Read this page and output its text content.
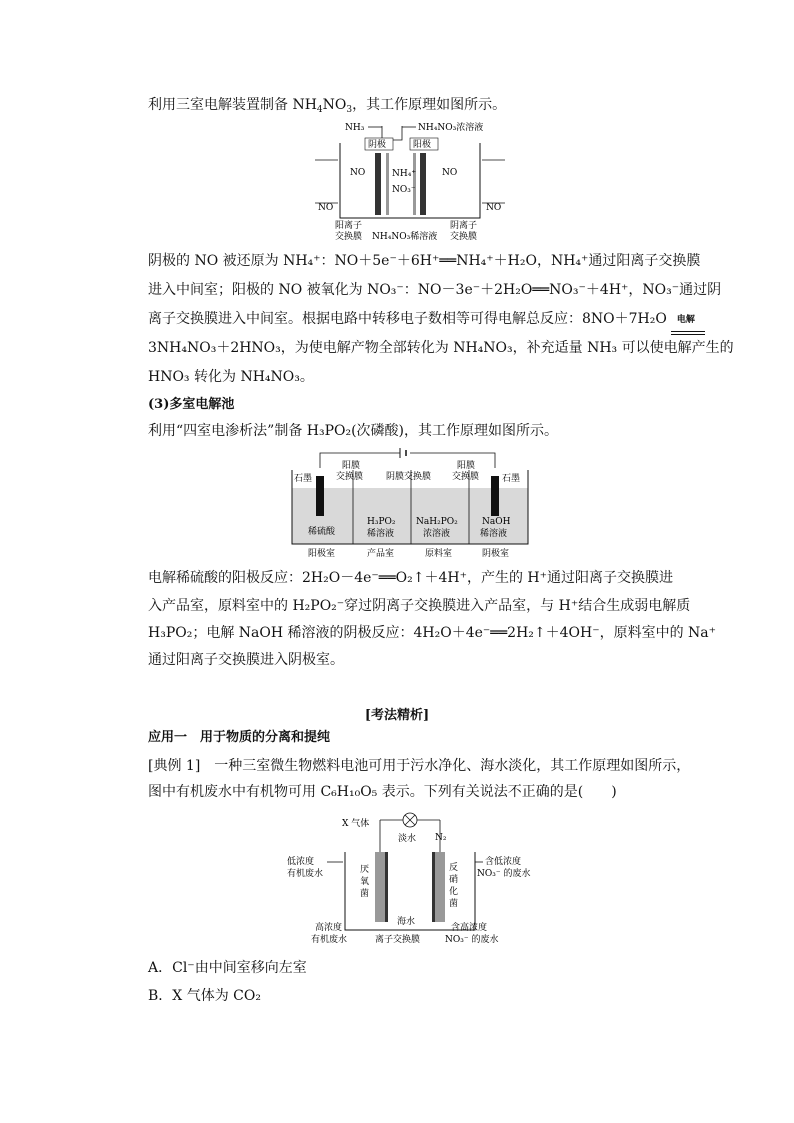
利用三室电解装置制备 $NH_4NO_3$，其工作原理如图所示。
NH₃	NH₄NO₃浓溶液
阴极	阳极
NO	NH₄⁺
NO₃⁻
NO
NO	NO
阳离子
交换膜 NH₄NO₃稀溶液
阴离子
交换膜
阴极的 NO 被还原为 NH₄⁺：NO＋5e⁻＋6H⁺══NH₄⁺＋H₂O，NH₄⁺通过阳离子交换膜
进入中间室；阳极的 NO 被氧化为 NO₃⁻：NO－3e⁻＋2H₂O══NO₃⁻＋4H⁺，NO₃⁻通过阴
离子交换膜进入中间室。根据电路中转移电子数相等可得电解总反应：8NO＋7H₂O 电解
3NH₄NO₃＋2HNO₃，为使电解产物全部转化为 NH₄NO₃，补充适量 NH₃ 可以使电解产生的
HNO₃ 转化为 NH₄NO₃。
(3)多室电解池
利用“四室电渗析法”制备 H₃PO₂(次磷酸)，其工作原理如图所示。
石墨	石墨
阳膜
交换膜	阴膜交换膜
阳膜
交换膜
稀硫酸
H₃PO₂
稀溶液
NaH₂PO₂
浓溶液
NaOH
稀溶液
阳极室	产品室	原料室	阴极室
电解稀硫酸的阳极反应：2H₂O－4e⁻══O₂↑＋4H⁺，产生的 H⁺通过阳离子交换膜进
入产品室，原料室中的 H₂PO₂⁻穿过阴离子交换膜进入产品室，与 H⁺结合生成弱电解质
H₃PO₂；电解 NaOH 稀溶液的阴极反应：4H₂O＋4e⁻══2H₂↑＋4OH⁻，原料室中的 Na⁺
通过阳离子交换膜进入阴极室。
[考法精析]
应用一　用于物质的分离和提纯
[典例 1]　一种三室微生物燃料电池可用于污水净化、海水淡化，其工作原理如图所示，
图中有机废水中有机物可用 C₆H₁₀O₅ 表示。下列有关说法不正确的是(　　)
X 气体
淡水 N₂
厌
氧
菌
反
硝
化
菌
海水
低浓度
有机废水
含低浓度
NO₃⁻ 的废水
高浓度
有机废水	离子交换膜
含高浓度
NO₃⁻ 的废水
A．Cl⁻由中间室移向左室
B．X 气体为 CO₂
